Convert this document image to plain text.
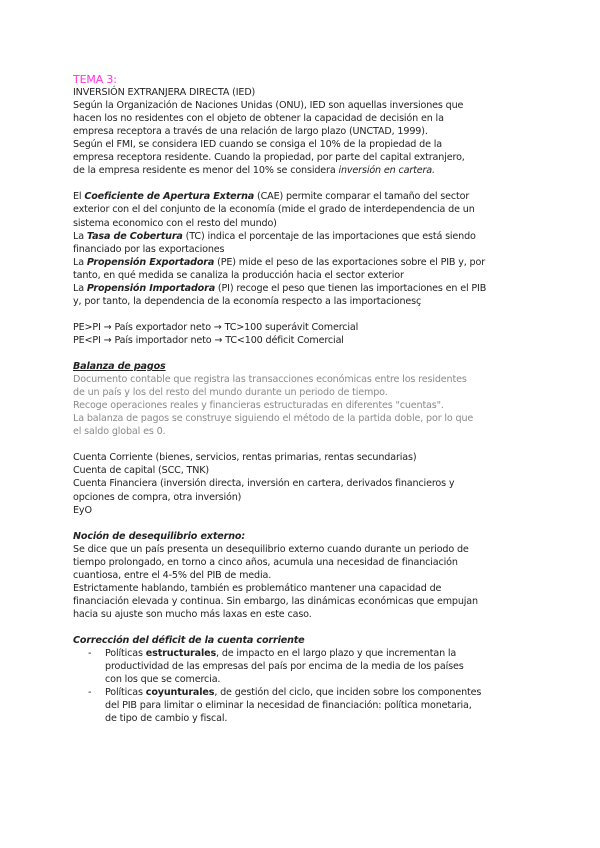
TEMA 3:
INVERSIÓN EXTRANJERA DIRECTA (IED)
Según la Organización de Naciones Unidas (ONU), IED son aquellas inversiones que
hacen los no residentes con el objeto de obtener la capacidad de decisión en la
empresa receptora a través de una relación de largo plazo (UNCTAD, 1999).
Según el FMI, se considera IED cuando se consiga el 10% de la propiedad de la
empresa receptora residente. Cuando la propiedad, por parte del capital extranjero,
de la empresa residente es menor del 10% se considera inversión en cartera.
El Coeficiente de Apertura Externa (CAE) permite comparar el tamaño del sector
exterior con el del conjunto de la economía (mide el grado de interdependencia de un
sistema economico con el resto del mundo)
La Tasa de Cobertura (TC) indica el porcentaje de las importaciones que está siendo
financiado por las exportaciones
La Propensión Exportadora (PE) mide el peso de las exportaciones sobre el PIB y, por
tanto, en qué medida se canaliza la producción hacia el sector exterior
La Propensión Importadora (PI) recoge el peso que tienen las importaciones en el PIB
y, por tanto, la dependencia de la economía respecto a las importacionesç
PE>PI → País exportador neto → TC>100 superávit Comercial
PE<PI → País importador neto → TC<100 déficit Comercial
Balanza de pagos
Documento contable que registra las transacciones económicas entre los residentes
de un país y los del resto del mundo durante un periodo de tiempo.
Recoge operaciones reales y financieras estructuradas en diferentes "cuentas".
La balanza de pagos se construye siguiendo el método de la partida doble, por lo que
el saldo global es 0.
Cuenta Corriente (bienes, servicios, rentas primarias, rentas secundarias)
Cuenta de capital (SCC, TNK)
Cuenta Financiera (inversión directa, inversión en cartera, derivados financieros y
opciones de compra, otra inversión)
EyO
Noción de desequilibrio externo:
Se dice que un país presenta un desequilibrio externo cuando durante un periodo de
tiempo prolongado, en torno a cinco años, acumula una necesidad de financiación
cuantiosa, entre el 4-5% del PIB de media.
Estrictamente hablando, también es problemático mantener una capacidad de
financiación elevada y continua. Sin embargo, las dinámicas económicas que empujan
hacia su ajuste son mucho más laxas en este caso.
Corrección del déficit de la cuenta corriente
- Políticas estructurales, de impacto en el largo plazo y que incrementan la
productividad de las empresas del país por encima de la media de los países
con los que se comercia.
- Políticas coyunturales, de gestión del ciclo, que inciden sobre los componentes
del PIB para limitar o eliminar la necesidad de financiación: política monetaria,
de tipo de cambio y fiscal.
